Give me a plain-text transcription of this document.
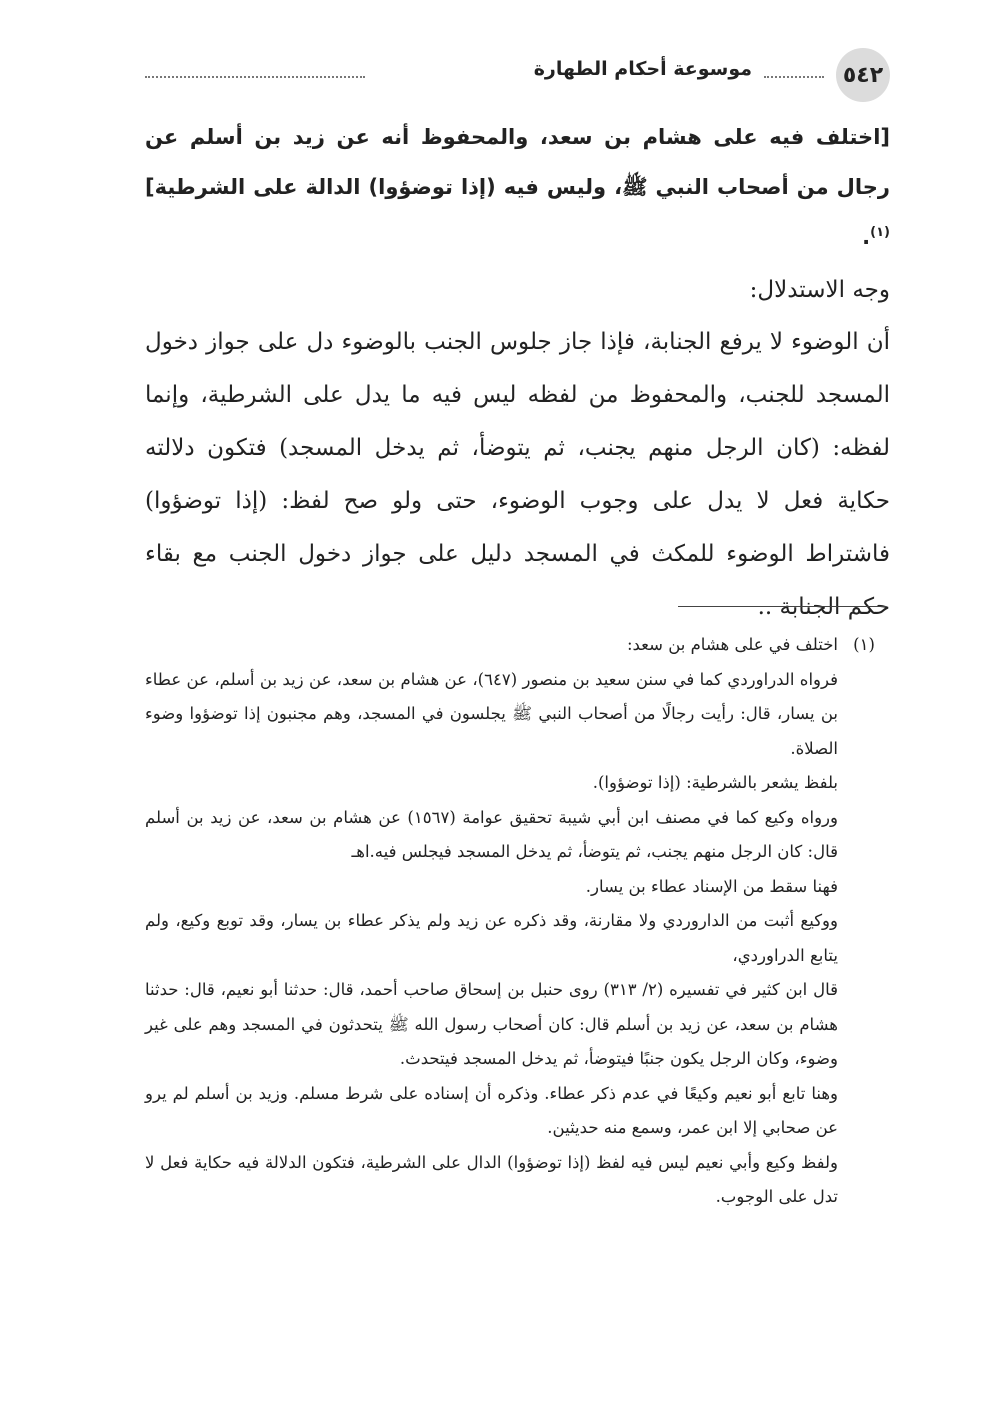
٥٤٢
موسوعة أحكام الطهارة

[اختلف فيه على هشام بن سعد، والمحفوظ أنه عن زيد بن أسلم عن رجال من أصحاب النبي ﷺ، وليس فيه (إذا توضؤوا) الدالة على الشرطية]$^{(١)}$.

وجه الاستدلال:

أن الوضوء لا يرفع الجنابة، فإذا جاز جلوس الجنب بالوضوء دل على جواز دخول المسجد للجنب، والمحفوظ من لفظه ليس فيه ما يدل على الشرطية، وإنما لفظه: (كان الرجل منهم يجنب، ثم يتوضأ، ثم يدخل المسجد) فتكون دلالته حكاية فعل لا يدل على وجوب الوضوء، حتى ولو صح لفظ: (إذا توضؤوا) فاشتراط الوضوء للمكث في المسجد دليل على جواز دخول الجنب مع بقاء حكم الجنابة ..

(١)
اختلف في على هشام بن سعد:

فرواه الدراوردي كما في سنن سعيد بن منصور (٦٤٧)، عن هشام بن سعد، عن زيد بن أسلم، عن عطاء بن يسار، قال: رأيت رجالًا من أصحاب النبي ﷺ يجلسون في المسجد، وهم مجنبون إذا توضؤوا وضوء الصلاة.

بلفظ يشعر بالشرطية: (إذا توضؤوا).

ورواه وكيع كما في مصنف ابن أبي شيبة تحقيق عوامة (١٥٦٧) عن هشام بن سعد، عن زيد بن أسلم قال: كان الرجل منهم يجنب، ثم يتوضأ، ثم يدخل المسجد فيجلس فيه.اهـ

فهنا سقط من الإسناد عطاء بن يسار.

ووكيع أثبت من الداروردي ولا مقارنة، وقد ذكره عن زيد ولم يذكر عطاء بن يسار، وقد توبع وكيع، ولم يتابع الدراوردي،

قال ابن كثير في تفسيره (٢/ ٣١٣) روى حنبل بن إسحاق صاحب أحمد، قال: حدثنا أبو نعيم، قال: حدثنا هشام بن سعد، عن زيد بن أسلم قال: كان أصحاب رسول الله ﷺ يتحدثون في المسجد وهم على غير وضوء، وكان الرجل يكون جنبًا فيتوضأ، ثم يدخل المسجد فيتحدث.

وهنا تابع أبو نعيم وكيعًا في عدم ذكر عطاء. وذكره أن إسناده على شرط مسلم. وزيد بن أسلم لم يرو عن صحابي إلا ابن عمر، وسمع منه حديثين.

ولفظ وكيع وأبي نعيم ليس فيه لفظ (إذا توضؤوا) الدال على الشرطية، فتكون الدلالة فيه حكاية فعل لا تدل على الوجوب.
